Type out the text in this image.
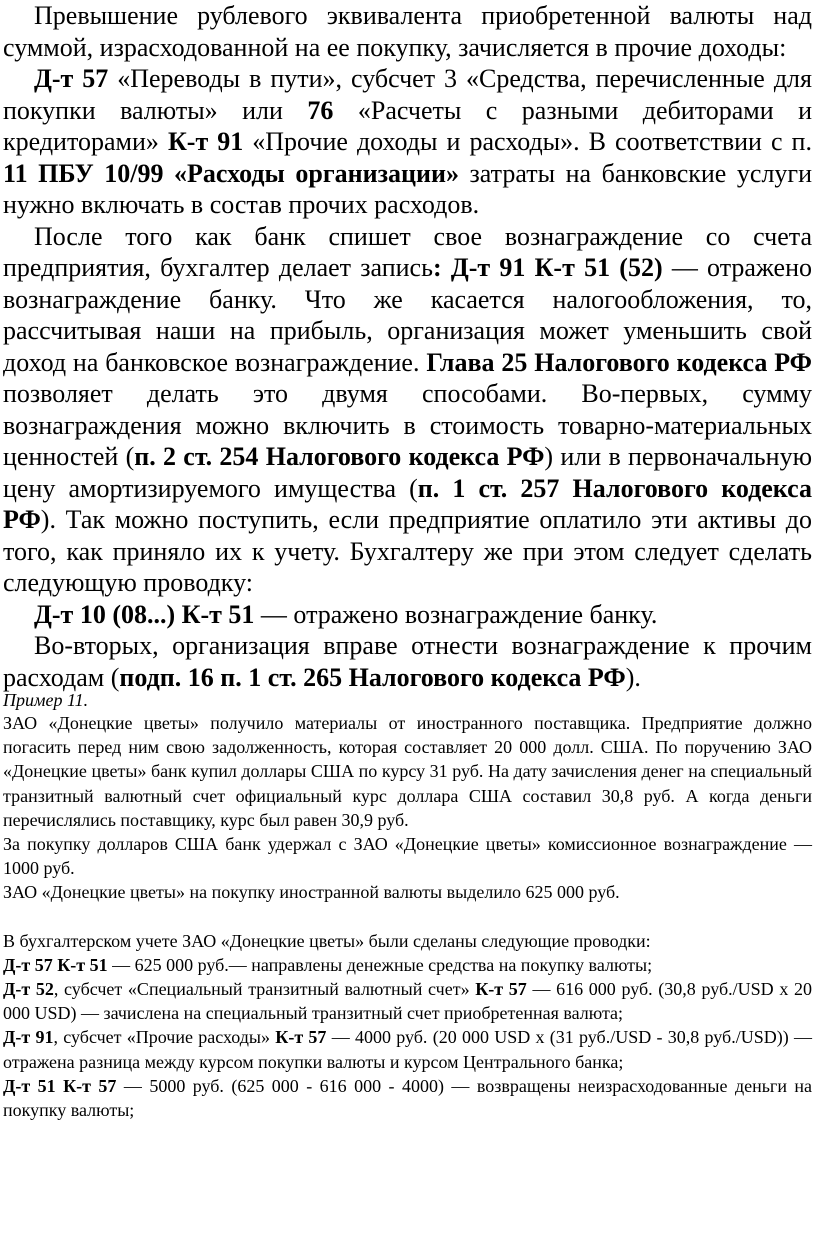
Превышение рублевого эквивалента приобретенной валюты над суммой, израсходованной на ее покупку, зачисляется в прочие доходы:

Д-т 57 «Переводы в пути», субсчет 3 «Средства, перечисленные для покупки валюты» или 76 «Расчеты с разными дебиторами и кредиторами» К-т 91 «Прочие доходы и расходы». В соответствии с п. 11 ПБУ 10/99 «Расходы организации» затраты на банковские услуги нужно включать в состав прочих расходов.

После того как банк спишет свое вознаграждение со счета предприятия, бухгалтер делает запись: Д-т 91 К-т 51 (52) — отражено вознаграждение банку. Что же касается налогообложения, то, рассчитывая наши на прибыль, организация может уменьшить свой доход на банковское вознаграждение. Глава 25 Налогового кодекса РФ позволяет делать это двумя способами. Во-первых, сумму вознаграждения можно включить в стоимость товарно-материальных ценностей (п. 2 ст. 254 Налогового кодекса РФ) или в первоначальную цену амортизируемого имущества (п. 1 ст. 257 Налогового кодекса РФ). Так можно поступить, если предприятие оплатило эти активы до того, как приняло их к учету. Бухгалтеру же при этом следует сделать следующую проводку:

Д-т 10 (08...) К-т 51 — отражено вознаграждение банку.

Во-вторых, организация вправе отнести вознаграждение к прочим расходам (подп. 16 п. 1 ст. 265 Налогового кодекса РФ).

Пример 11.

ЗАО «Донецкие цветы» получило материалы от иностранного поставщика. Предприятие должно погасить перед ним свою задолженность, которая составляет 20 000 долл. США. По поручению ЗАО «Донецкие цветы» банк купил доллары США по курсу 31 руб. На дату зачисления денег на специальный транзитный валютный счет официальный курс доллара США составил 30,8 руб. А когда деньги перечислялись поставщику, курс был равен 30,9 руб.

За покупку долларов США банк удержал с ЗАО «Донецкие цветы» комиссионное вознаграждение — 1000 руб.

ЗАО «Донецкие цветы» на покупку иностранной валюты выделило 625 000 руб.

В бухгалтерском учете ЗАО «Донецкие цветы» были сделаны следующие проводки:

Д-т 57 К-т 51 — 625 000 руб.— направлены денежные средства на покупку валюты;

Д-т 52, субсчет «Специальный транзитный валютный счет» К-т 57 — 616 000 руб. (30,8 руб./USD x 20 000 USD) — зачислена на специальный транзитный счет приобретенная валюта;

Д-т 91, субсчет «Прочие расходы» К-т 57 — 4000 руб. (20 000 USD x (31 руб./USD - 30,8 руб./USD)) — отражена разница между курсом покупки валюты и курсом Центрального банка;

Д-т 51 К-т 57 — 5000 руб. (625 000 - 616 000 - 4000) — возвращены неизрасходованные деньги на покупку валюты;
